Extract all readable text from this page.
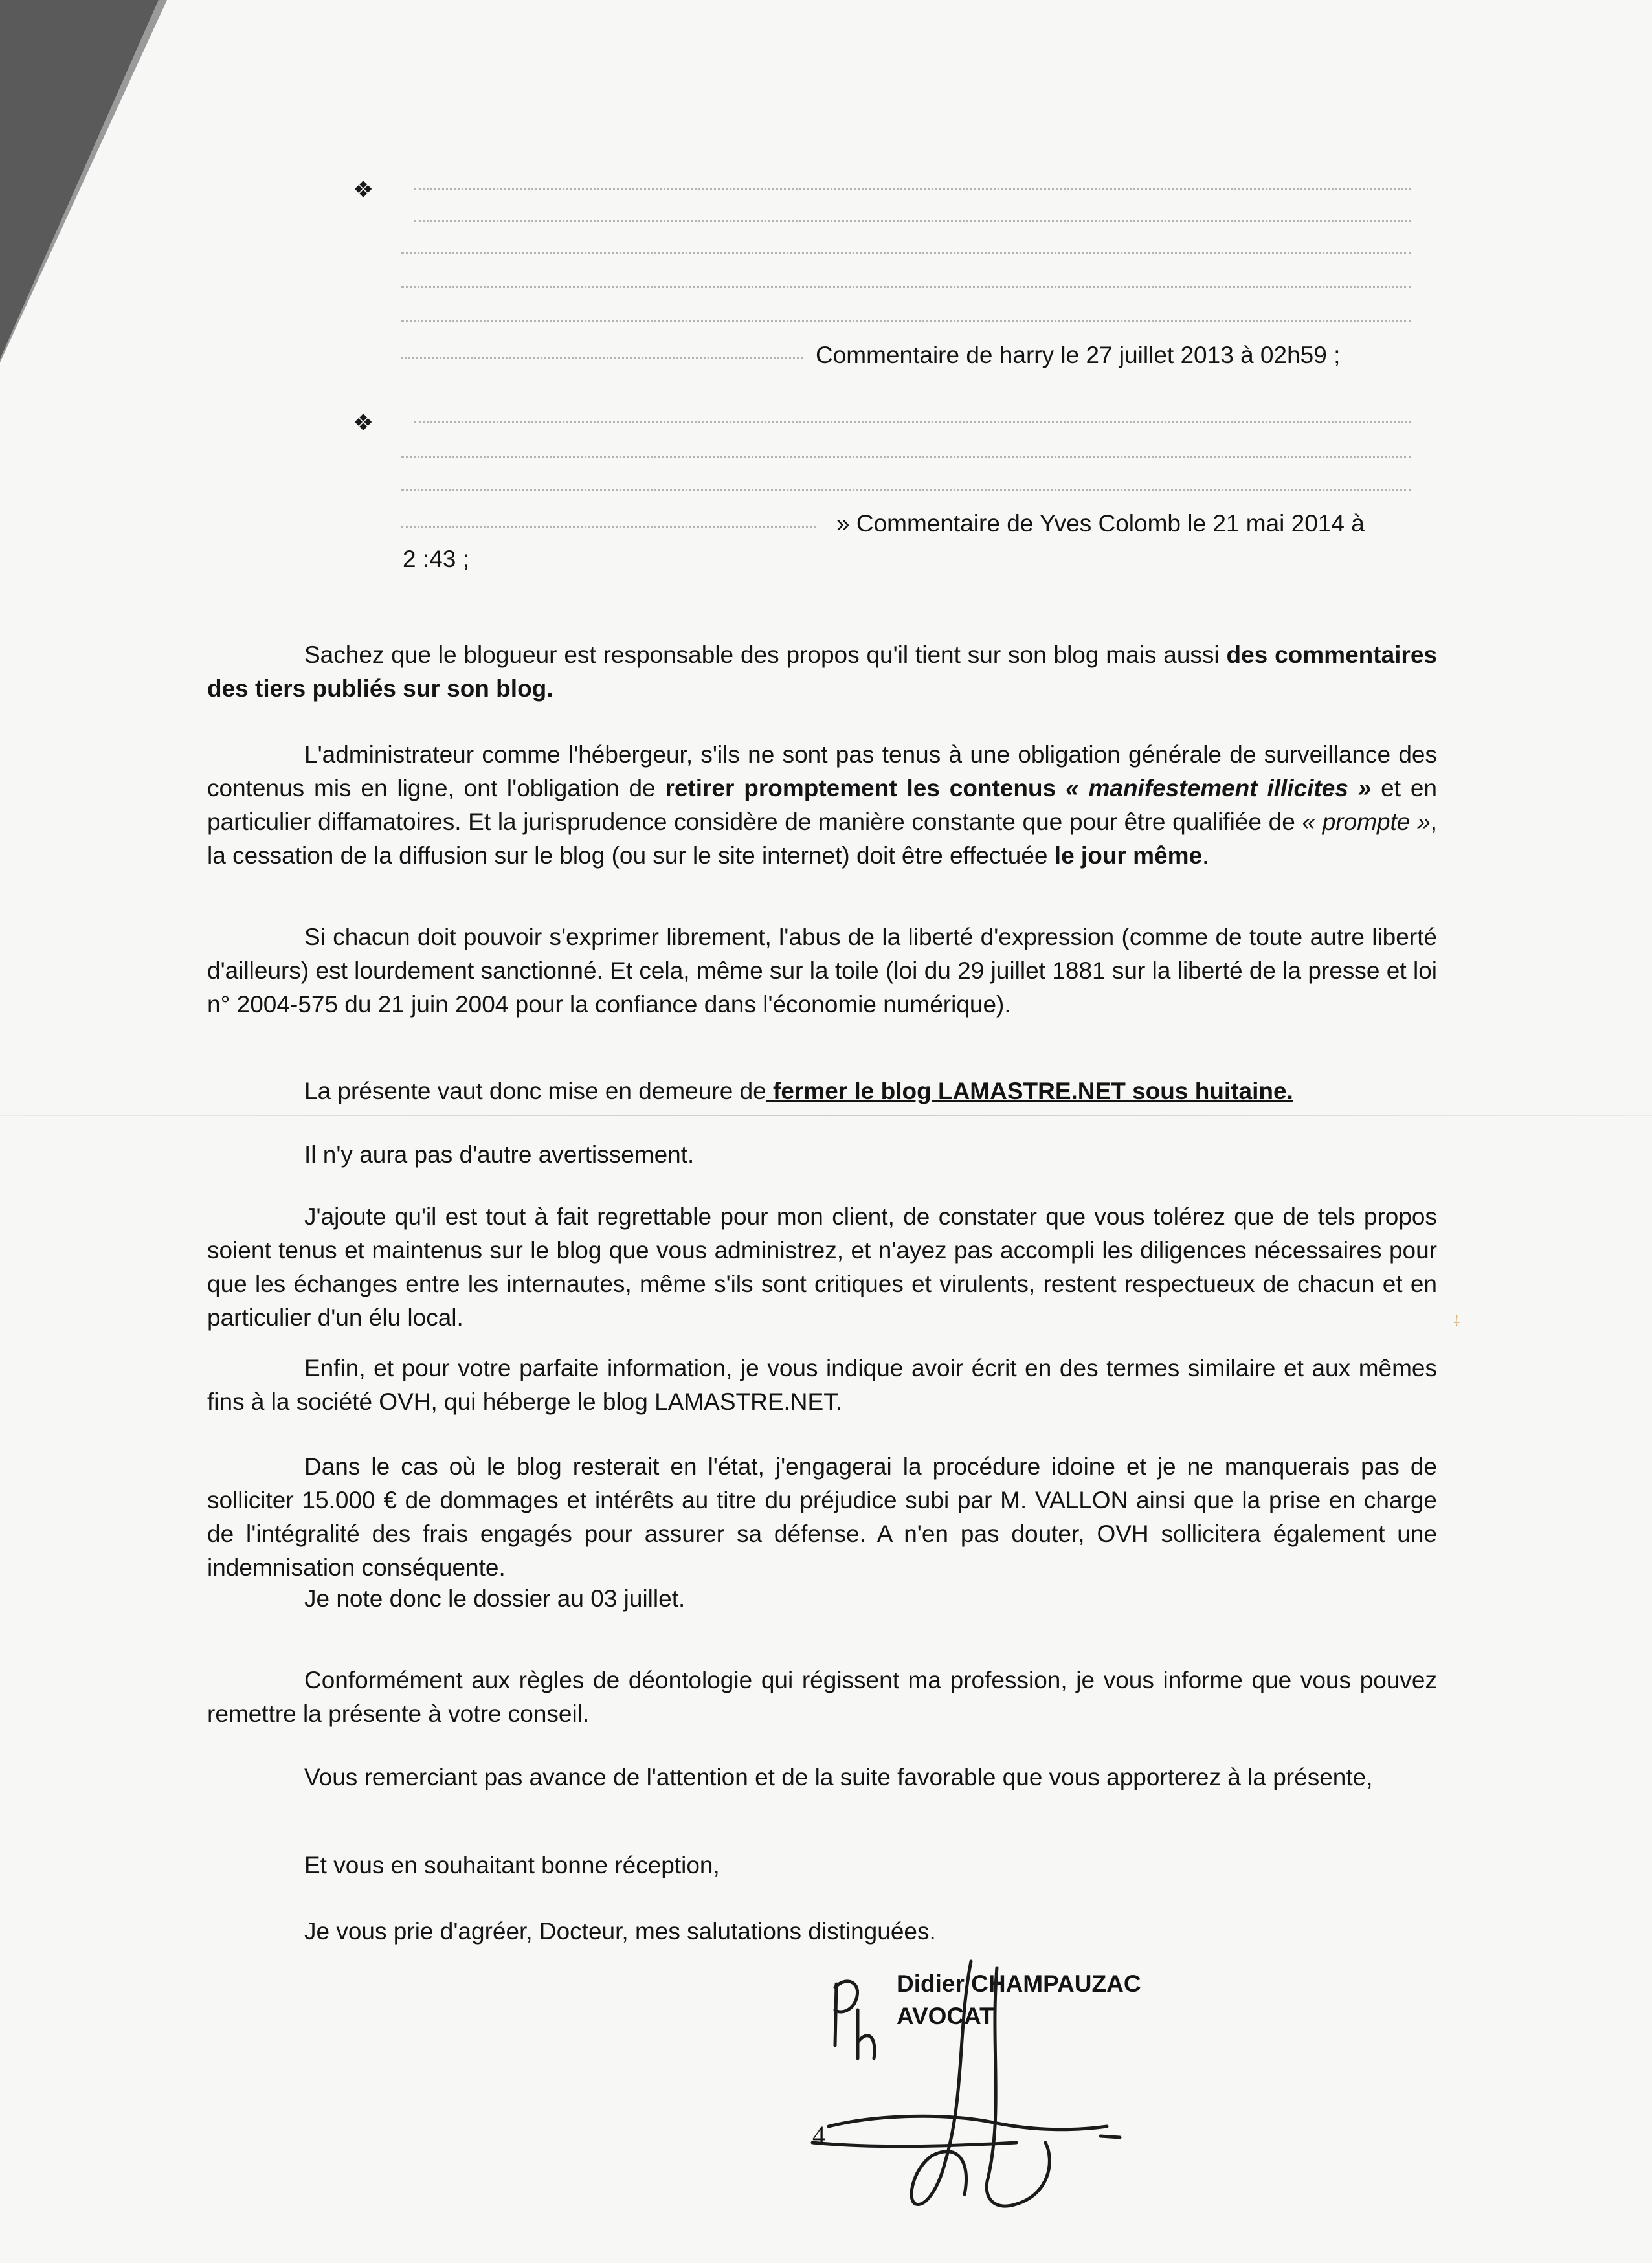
❖
Commentaire de harry le 27 juillet 2013 à 02h59 ;
❖
» Commentaire de Yves Colomb le 21 mai 2014 à
2 :43 ;
Sachez que le blogueur est responsable des propos qu'il tient sur son blog mais aussi des commentaires des tiers publiés sur son blog.
L'administrateur comme l'hébergeur, s'ils ne sont pas tenus à une obligation générale de surveillance des contenus mis en ligne, ont l'obligation de retirer promptement les contenus « manifestement illicites » et en particulier diffamatoires. Et la jurisprudence considère de manière constante que pour être qualifiée de « prompte », la cessation de la diffusion sur le blog (ou sur le site internet) doit être effectuée le jour même.
Si chacun doit pouvoir s'exprimer librement, l'abus de la liberté d'expression (comme de toute autre liberté d'ailleurs) est lourdement sanctionné. Et cela, même sur la toile (loi du 29 juillet 1881 sur la liberté de la presse et loi n° 2004-575 du 21 juin 2004 pour la confiance dans l'économie numérique).
La présente vaut donc mise en demeure de fermer le blog LAMASTRE.NET sous huitaine.
Il n'y aura pas d'autre avertissement.
J'ajoute qu'il est tout à fait regrettable pour mon client, de constater que vous tolérez que de tels propos soient tenus et maintenus sur le blog que vous administrez, et n'ayez pas accompli les diligences nécessaires pour que les échanges entre les internautes, même s'ils sont critiques et virulents, restent respectueux de chacun et en particulier d'un élu local.	⸸
Enfin, et pour votre parfaite information, je vous indique avoir écrit en des termes similaire et aux mêmes fins à la société OVH, qui héberge le blog LAMASTRE.NET.
Dans le cas où le blog resterait en l'état, j'engagerai la procédure idoine et je ne manquerais pas de solliciter 15.000 € de dommages et intérêts au titre du préjudice subi par M. VALLON ainsi que la prise en charge de l'intégralité des frais engagés pour assurer sa défense. A n'en pas douter, OVH sollicitera également une indemnisation conséquente.
Je note donc le dossier au 03 juillet.
Conformément aux règles de déontologie qui régissent ma profession, je vous informe que vous pouvez remettre la présente à votre conseil.
Vous remerciant pas avance de l'attention et de la suite favorable que vous apporterez à la présente,
Et vous en souhaitant bonne réception,
Je vous prie d'agréer, Docteur, mes salutations distinguées.
Didier CHAMPAUZAC
AVOCAT
4
